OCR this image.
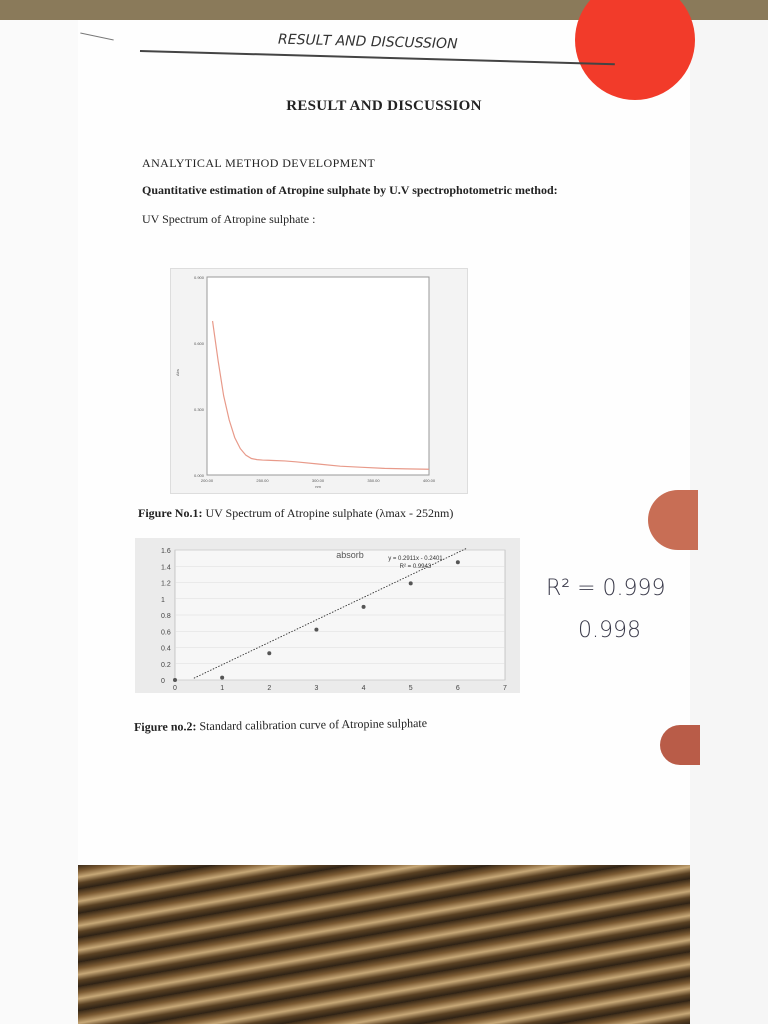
RESULT AND DISCUSSION
RESULT AND DISCUSSION
ANALYTICAL METHOD DEVELOPMENT
Quantitative estimation of Atropine sulphate by U.V spectrophotometric method:
UV Spectrum of Atropine sulphate :
0.000
0.300
0.600
0.900
200.00	250.00	300.00	350.00	400.00
nm
Abs
Figure No.1: UV Spectrum of Atropine sulphate (λmax - 252nm)
0
0.2
0.4
0.6
0.8
1
1.2
1.4
1.6
0	1	2	3	4	5	6	7
absorb	y = 0.2911x - 0.2401
R² = 0.9943
Figure no.2: Standard calibration curve of Atropine sulphate
R² = 0.999
0.998
